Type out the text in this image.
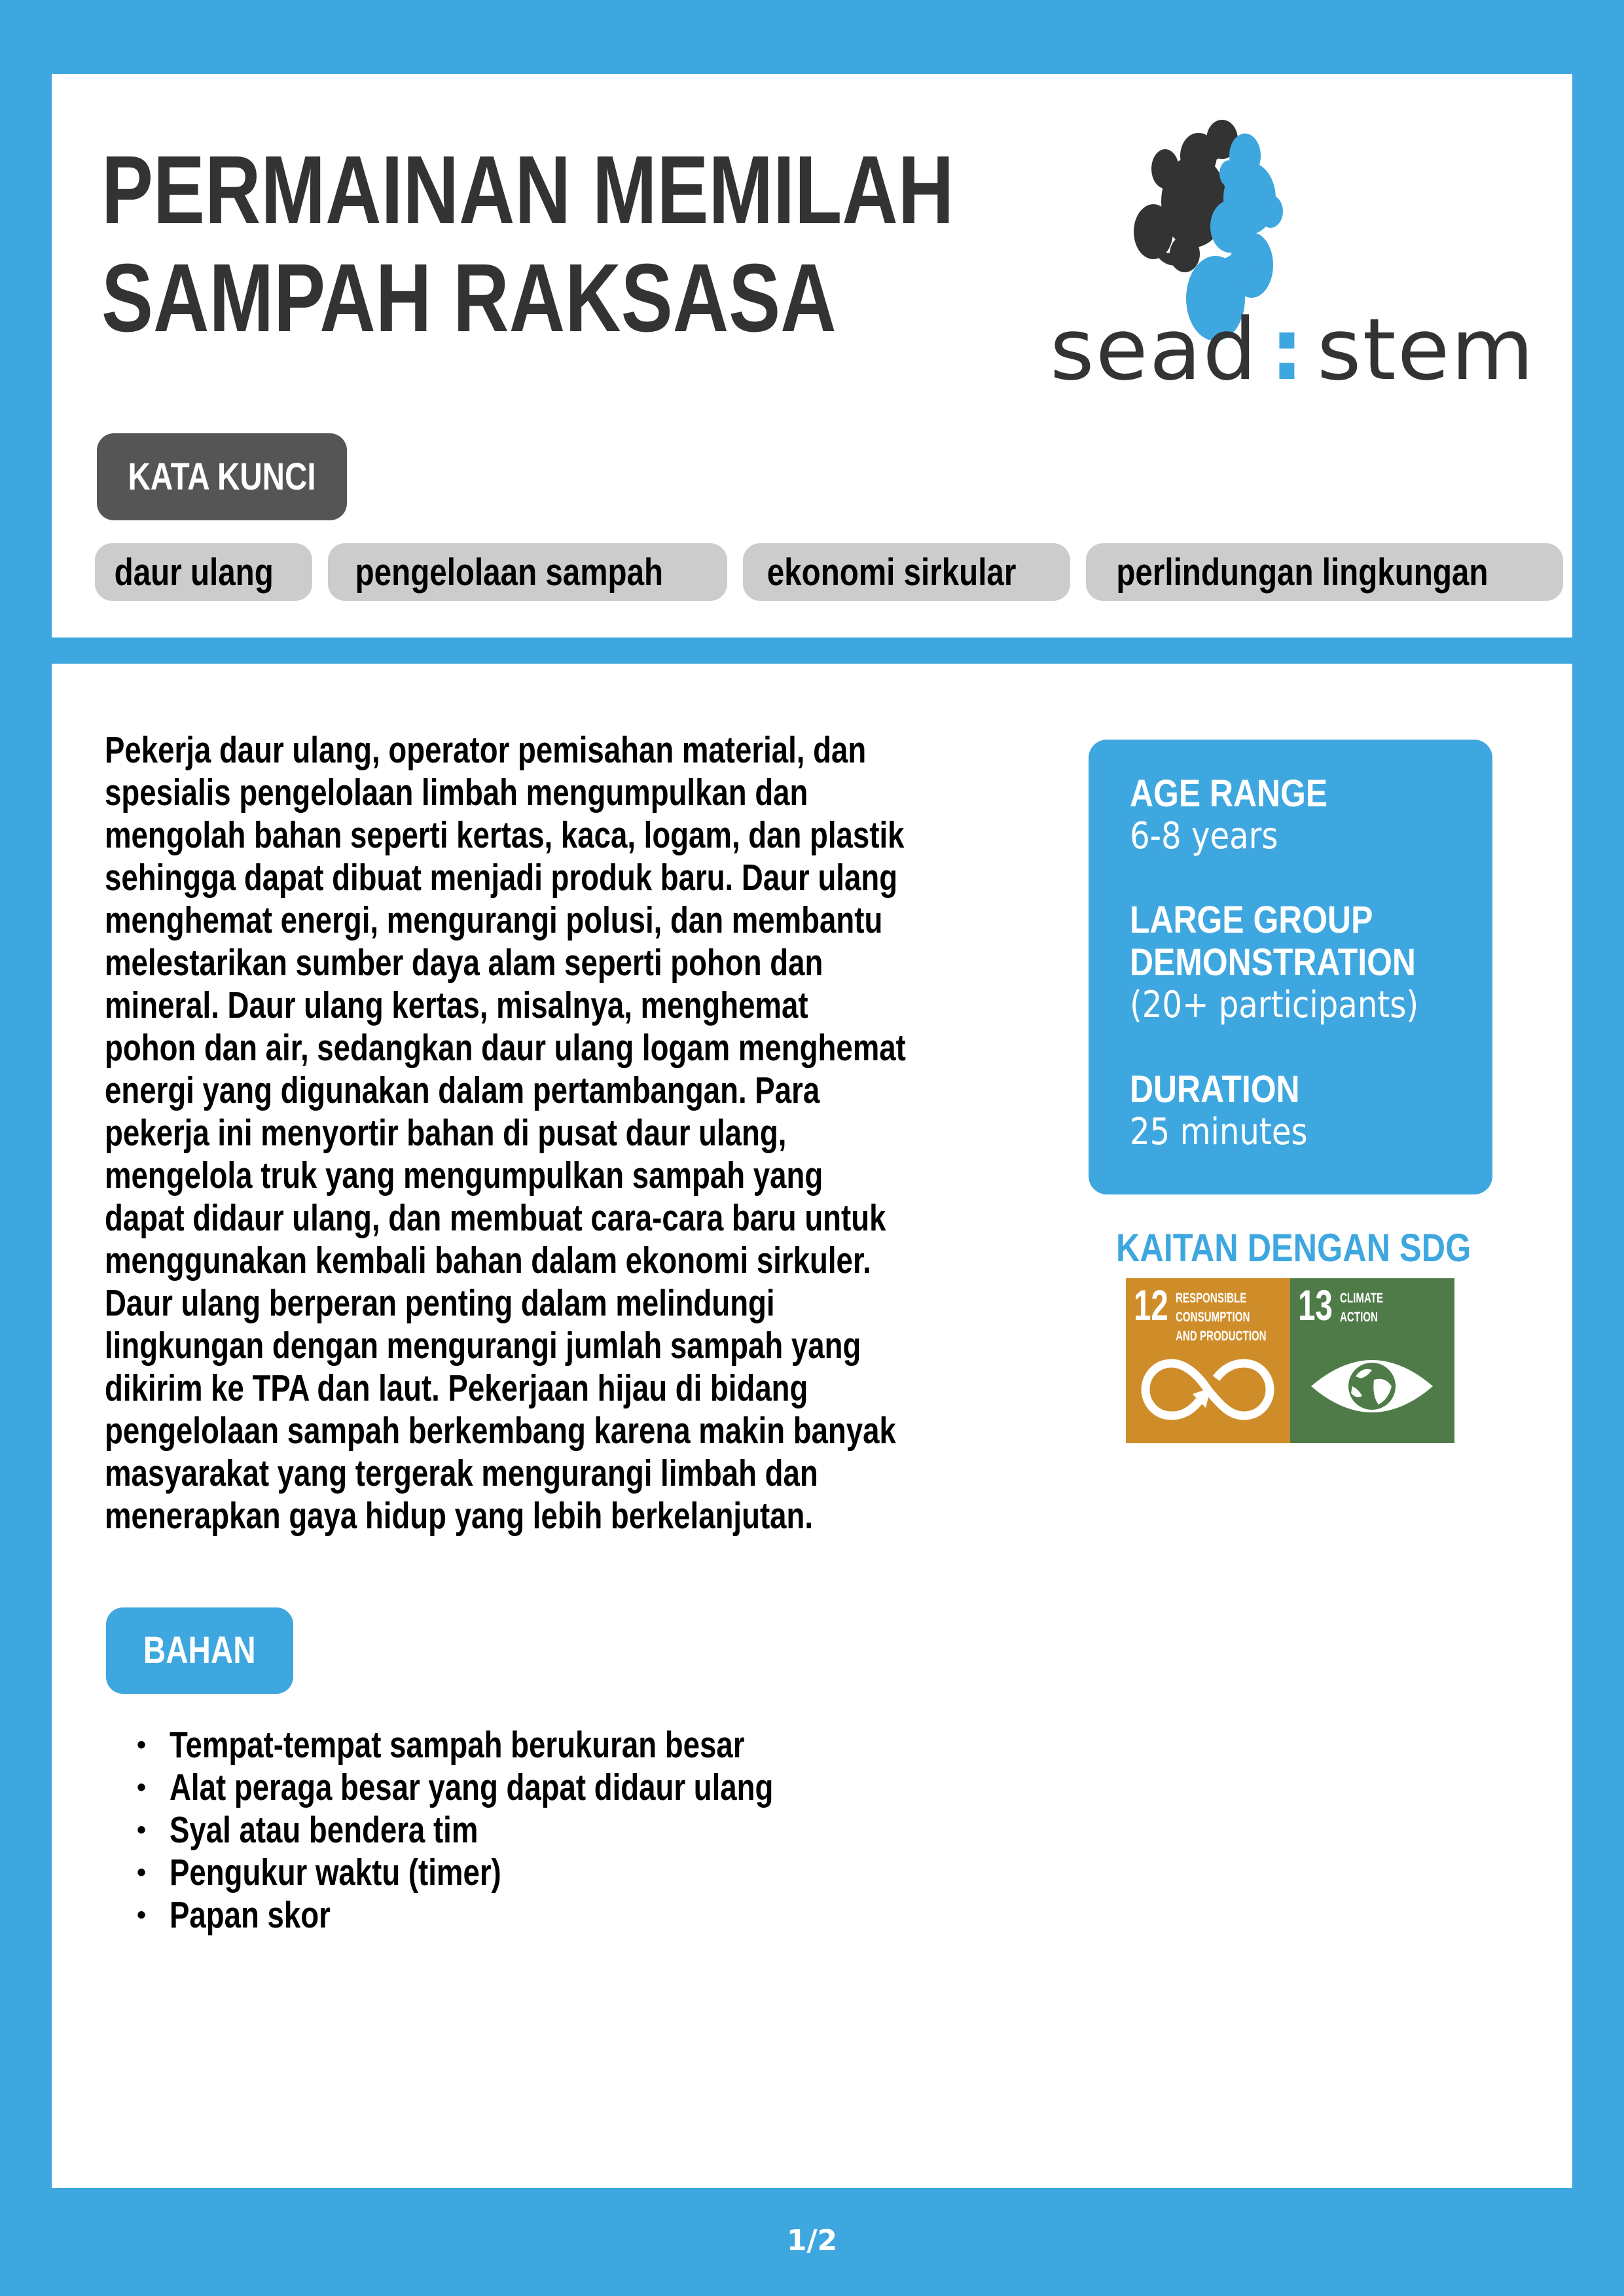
PERMAINAN MEMILAH
SAMPAH RAKSASA	sead : stem
KATA KUNCI
daur ulang pengelolaan sampah	ekonomi sirkular	perlindungan lingkungan
Pekerja daur ulang, operator pemisahan material, dan
spesialis pengelolaan limbah mengumpulkan dan
mengolah bahan seperti kertas, kaca, logam, dan plastik
sehingga dapat dibuat menjadi produk baru. Daur ulang
menghemat energi, mengurangi polusi, dan membantu
melestarikan sumber daya alam seperti pohon dan
mineral. Daur ulang kertas, misalnya, menghemat
pohon dan air, sedangkan daur ulang logam menghemat
energi yang digunakan dalam pertambangan. Para
pekerja ini menyortir bahan di pusat daur ulang,
mengelola truk yang mengumpulkan sampah yang
dapat didaur ulang, dan membuat cara-cara baru untuk
menggunakan kembali bahan dalam ekonomi sirkuler.
Daur ulang berperan penting dalam melindungi
lingkungan dengan mengurangi jumlah sampah yang
dikirim ke TPA dan laut. Pekerjaan hijau di bidang
pengelolaan sampah berkembang karena makin banyak
masyarakat yang tergerak mengurangi limbah dan
menerapkan gaya hidup yang lebih berkelanjutan.
AGE RANGE
6-8 years
LARGE GROUP
DEMONSTRATION
(20+ participants)
DURATION
25 minutes
KAITAN DENGAN SDG
12 RESPONSIBLE
CONSUMPTION
AND PRODUCTION
13 CLIMATE
ACTION
BAHAN
• Tempat-tempat sampah berukuran besar
• Alat peraga besar yang dapat didaur ulang
• Syal atau bendera tim
• Pengukur waktu (timer)
• Papan skor
1/2
